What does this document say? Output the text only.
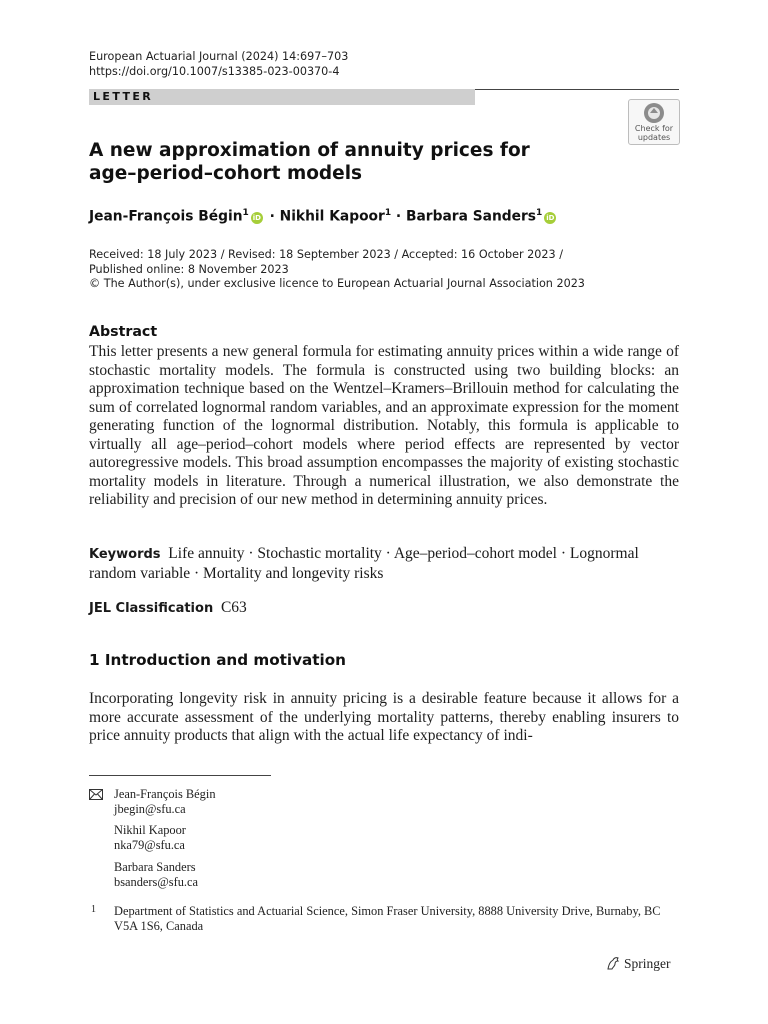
European Actuarial Journal (2024) 14:697–703
https://doi.org/10.1007/s13385-023-00370-4
LETTER
Check for updates
A new approximation of annuity prices for age–period–cohort models
Jean-François Bégin$^1$ iD · Nikhil Kapoor$^1$ · Barbara Sanders$^1$ iD
Received: 18 July 2023 / Revised: 18 September 2023 / Accepted: 16 October 2023 /
Published online: 8 November 2023
© The Author(s), under exclusive licence to European Actuarial Journal Association 2023
Abstract
This letter presents a new general formula for estimating annuity prices within a wide range of stochastic mortality models. The formula is constructed using two building blocks: an approximation technique based on the Wentzel–Kramers–Brillouin method for calculating the sum of correlated lognormal random variables, and an approximate expression for the moment generating function of the lognormal distribution. Notably, this formula is applicable to virtually all age–period–cohort models where period effects are represented by vector autoregressive models. This broad assumption encompasses the majority of existing stochastic mortality models in literature. Through a numerical illustration, we also demonstrate the reliability and precision of our new method in determining annuity prices.
Keywords Life annuity · Stochastic mortality · Age–period–cohort model · Lognormal random variable · Mortality and longevity risks
JEL Classification C63
1 Introduction and motivation
Incorporating longevity risk in annuity pricing is a desirable feature because it allows for a more accurate assessment of the underlying mortality patterns, thereby enabling insurers to price annuity products that align with the actual life expectancy of indi-
Jean-François Bégin
jbegin@sfu.ca
Nikhil Kapoor
nka79@sfu.ca
Barbara Sanders
bsanders@sfu.ca
1 Department of Statistics and Actuarial Science, Simon Fraser University, 8888 University Drive, Burnaby, BC V5A 1S6, Canada
Springer
